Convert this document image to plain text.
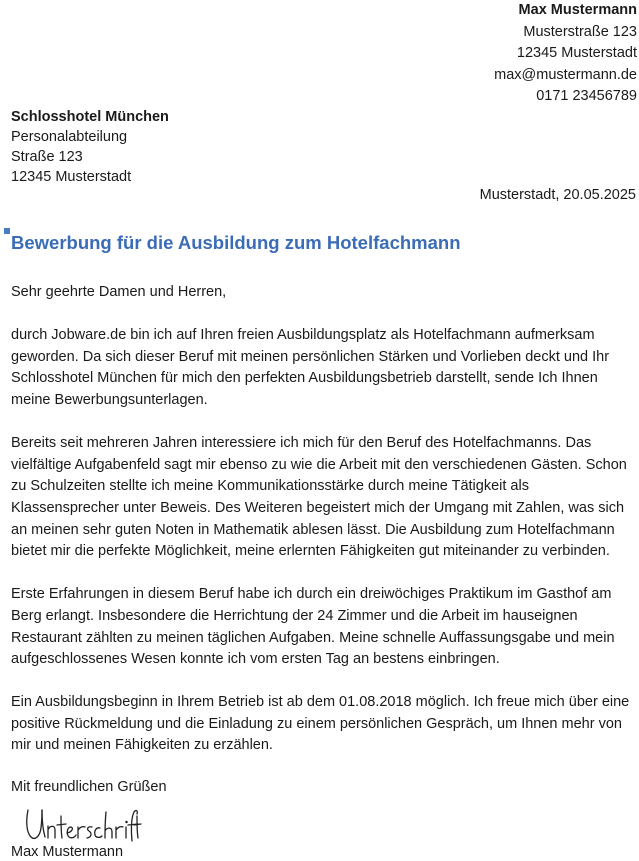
Max Mustermann
Musterstraße 123
12345 Musterstadt
max@mustermann.de
0171 23456789
Schlosshotel München
Personalabteilung
Straße 123
12345 Musterstadt
Musterstadt, 20.05.2025
Bewerbung für die Ausbildung zum Hotelfachmann

Sehr geehrte Damen und Herren,

durch Jobware.de bin ich auf Ihren freien Ausbildungsplatz als Hotelfachmann aufmerksam geworden. Da sich dieser Beruf mit meinen persönlichen Stärken und Vorlieben deckt und Ihr Schlosshotel München für mich den perfekten Ausbildungsbetrieb darstellt, sende Ich Ihnen meine Bewerbungsunterlagen.

Bereits seit mehreren Jahren interessiere ich mich für den Beruf des Hotelfachmanns. Das vielfältige Aufgabenfeld sagt mir ebenso zu wie die Arbeit mit den verschiedenen Gästen. Schon zu Schulzeiten stellte ich meine Kommunikationsstärke durch meine Tätigkeit als Klassensprecher unter Beweis. Des Weiteren begeistert mich der Umgang mit Zahlen, was sich an meinen sehr guten Noten in Mathematik ablesen lässt. Die Ausbildung zum Hotelfachmann bietet mir die perfekte Möglichkeit, meine erlernten Fähigkeiten gut miteinander zu verbinden.

Erste Erfahrungen in diesem Beruf habe ich durch ein dreiwöchiges Praktikum im Gasthof am Berg erlangt. Insbesondere die Herrichtung der 24 Zimmer und die Arbeit im hauseignen Restaurant zählten zu meinen täglichen Aufgaben. Meine schnelle Auffassungsgabe und mein aufgeschlossenes Wesen konnte ich vom ersten Tag an bestens einbringen.

Ein Ausbildungsbeginn in Ihrem Betrieb ist ab dem 01.08.2018 möglich. Ich freue mich über eine positive Rückmeldung und die Einladung zu einem persönlichen Gespräch, um Ihnen mehr von mir und meinen Fähigkeiten zu erzählen.

Mit freundlichen Grüßen
Max Mustermann
